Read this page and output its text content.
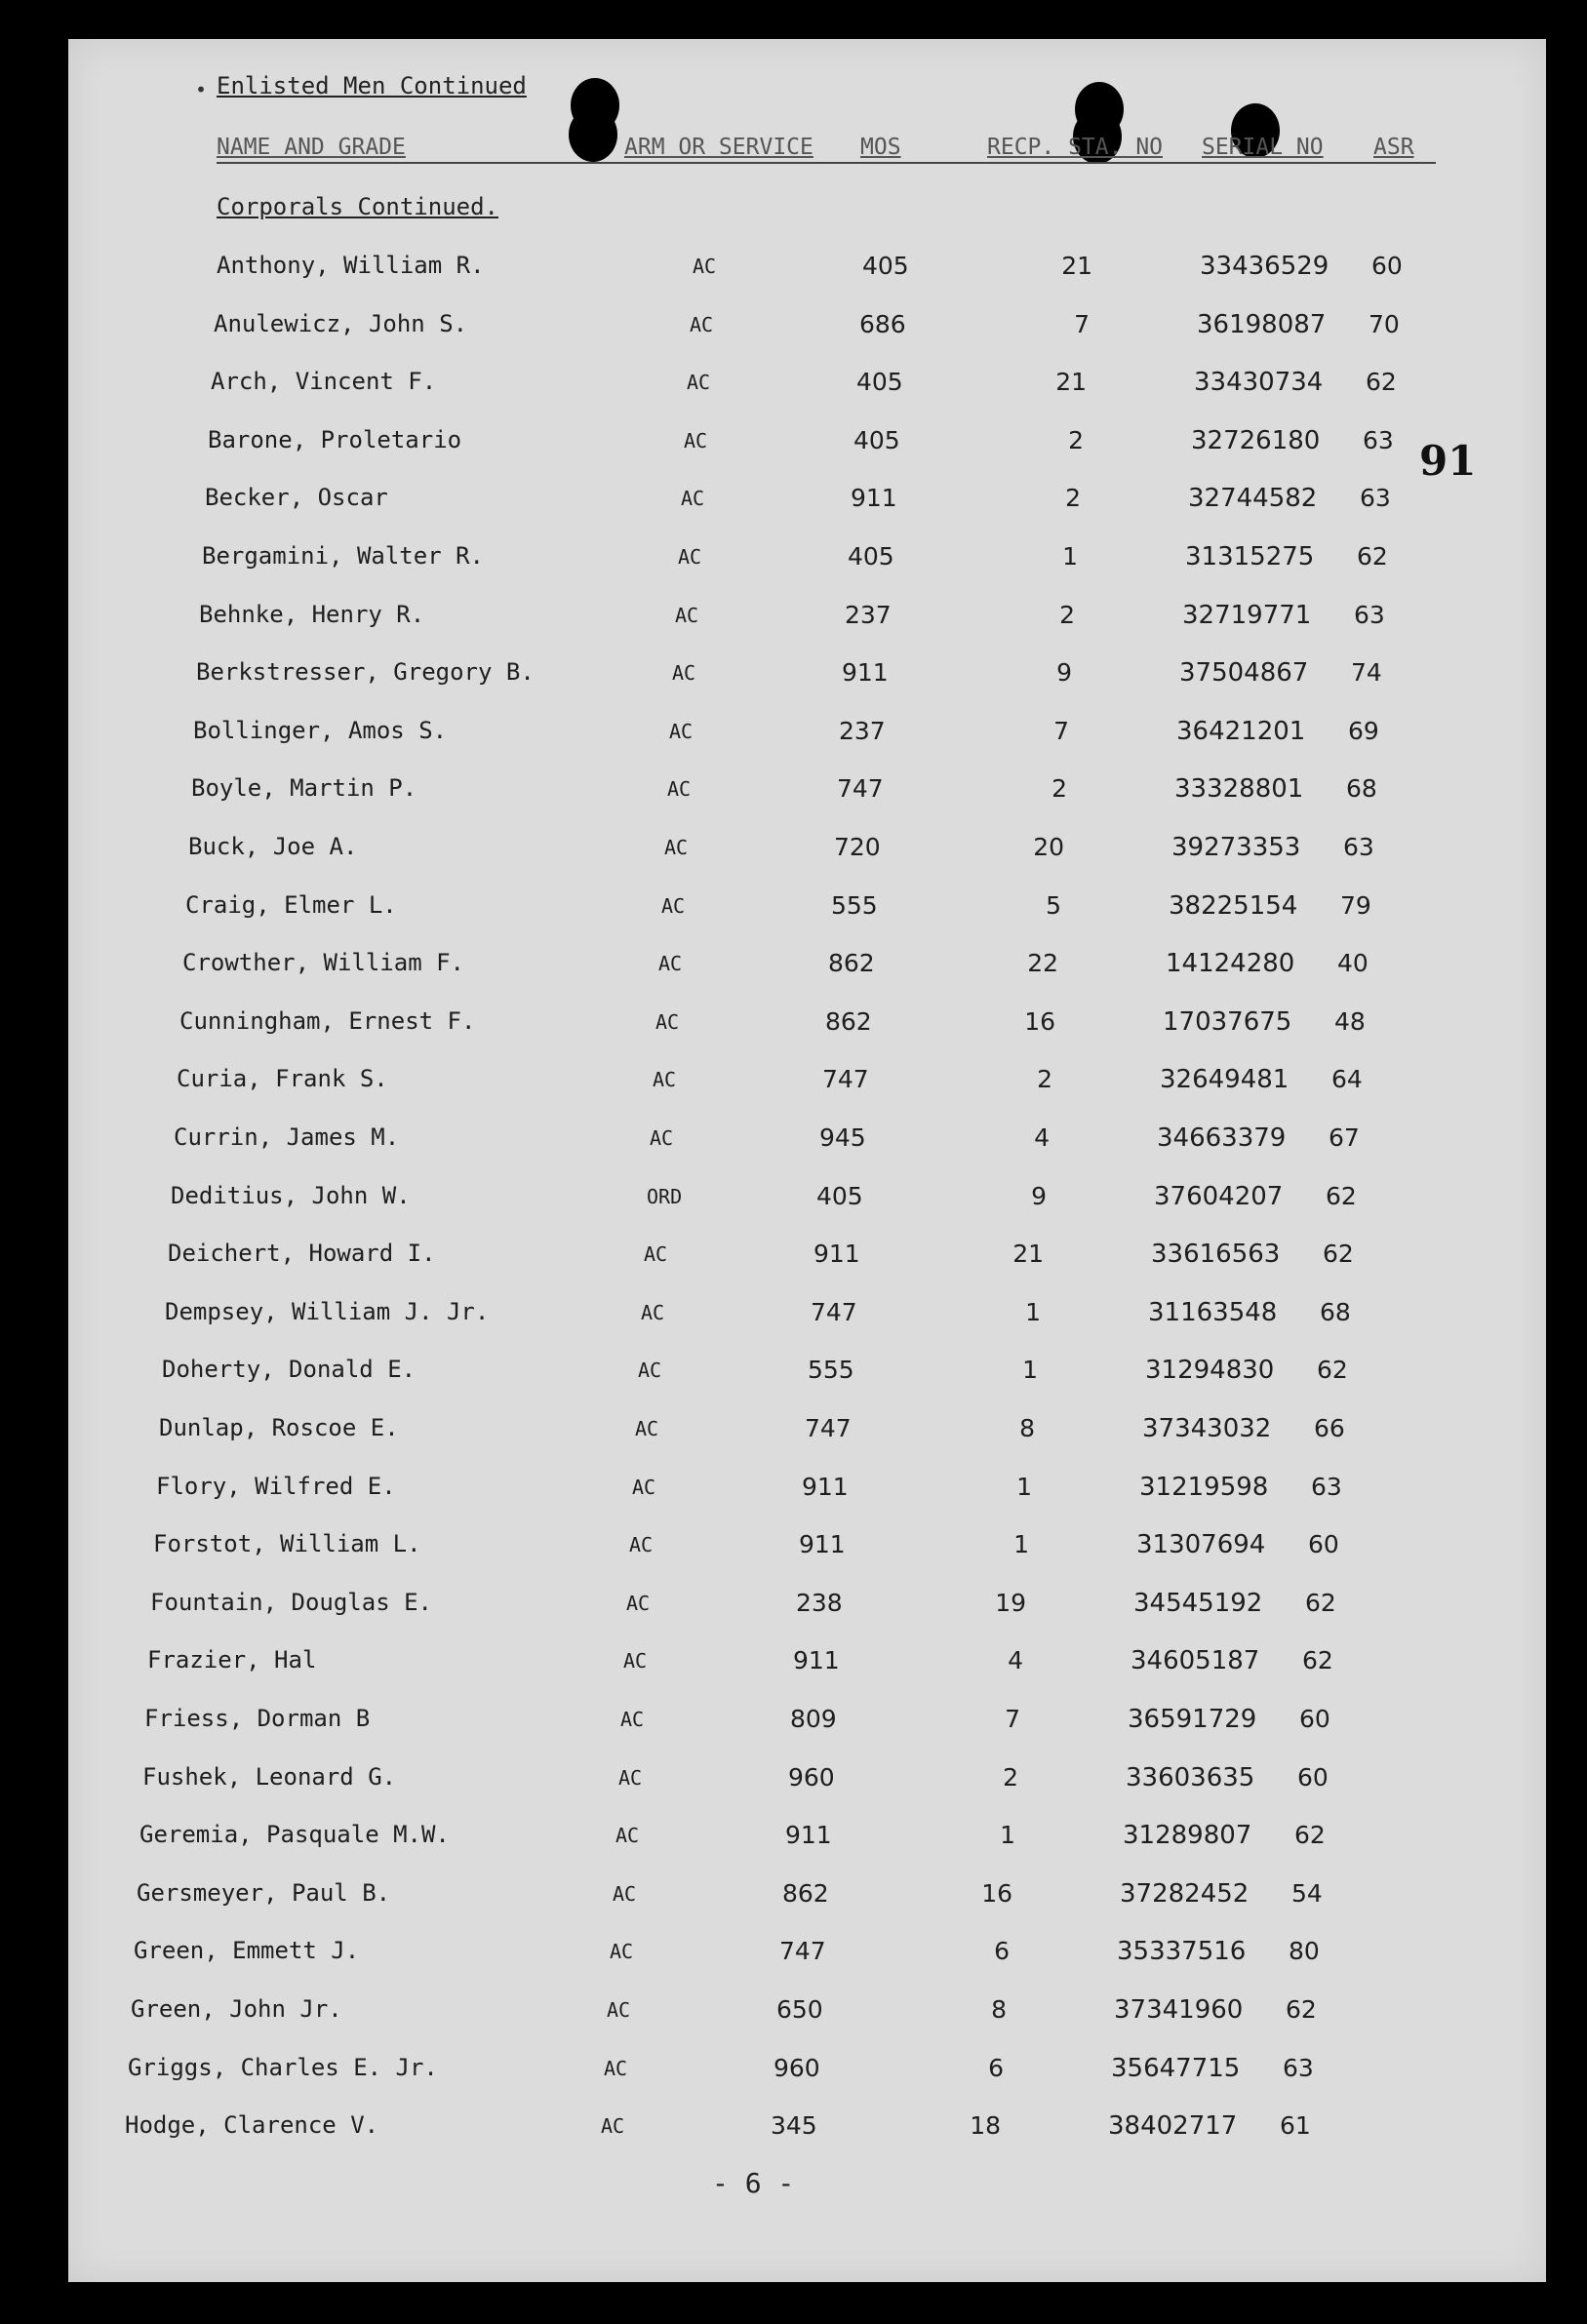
• Enlisted Men Continued
NAME AND GRADE	ARM OR SERVICE MOS	RECP. STA. NO SERIAL NO ASR
Corporals Continued.
91
Anthony, William R.	AC	405	21	33436529 60
Anulewicz, John S.	AC	686	7	36198087 70
Arch, Vincent F.	AC	405	21	33430734 62
Barone, Proletario	AC	405	2	32726180 63
Becker, Oscar	AC	911	2	32744582 63
Bergamini, Walter R.	AC	405	1	31315275 62
Behnke, Henry R.	AC	237	2	32719771 63
Berkstresser, Gregory B.	AC	911	9	37504867 74
Bollinger, Amos S.	AC	237	7	36421201 69
Boyle, Martin P.	AC	747	2	33328801 68
Buck, Joe A.	AC	720	20	39273353 63
Craig, Elmer L.	AC	555	5	38225154 79
Crowther, William F.	AC	862	22	14124280 40
Cunningham, Ernest F.	AC	862	16	17037675 48
Curia, Frank S.	AC	747	2	32649481 64
Currin, James M.	AC	945	4	34663379 67
Deditius, John W.	ORD	405	9	37604207 62
Deichert, Howard I.	AC	911	21	33616563 62
Dempsey, William J. Jr.	AC	747	1	31163548 68
Doherty, Donald E.	AC	555	1	31294830 62
Dunlap, Roscoe E.	AC	747	8	37343032 66
Flory, Wilfred E.	AC	911	1	31219598 63
Forstot, William L.	AC	911	1	31307694 60
Fountain, Douglas E.	AC	238	19	34545192 62
Frazier, Hal	AC	911	4	34605187 62
Friess, Dorman B	AC	809	7	36591729 60
Fushek, Leonard G.	AC	960	2	33603635 60
Geremia, Pasquale M.W.	AC	911	1	31289807 62
Gersmeyer, Paul B.	AC	862	16	37282452 54
Green, Emmett J.	AC	747	6	35337516 80
Green, John Jr.	AC	650	8	37341960 62
Griggs, Charles E. Jr.	AC	960	6	35647715 63
Hodge, Clarence V.	AC	345	18	38402717 61
- 6 -
